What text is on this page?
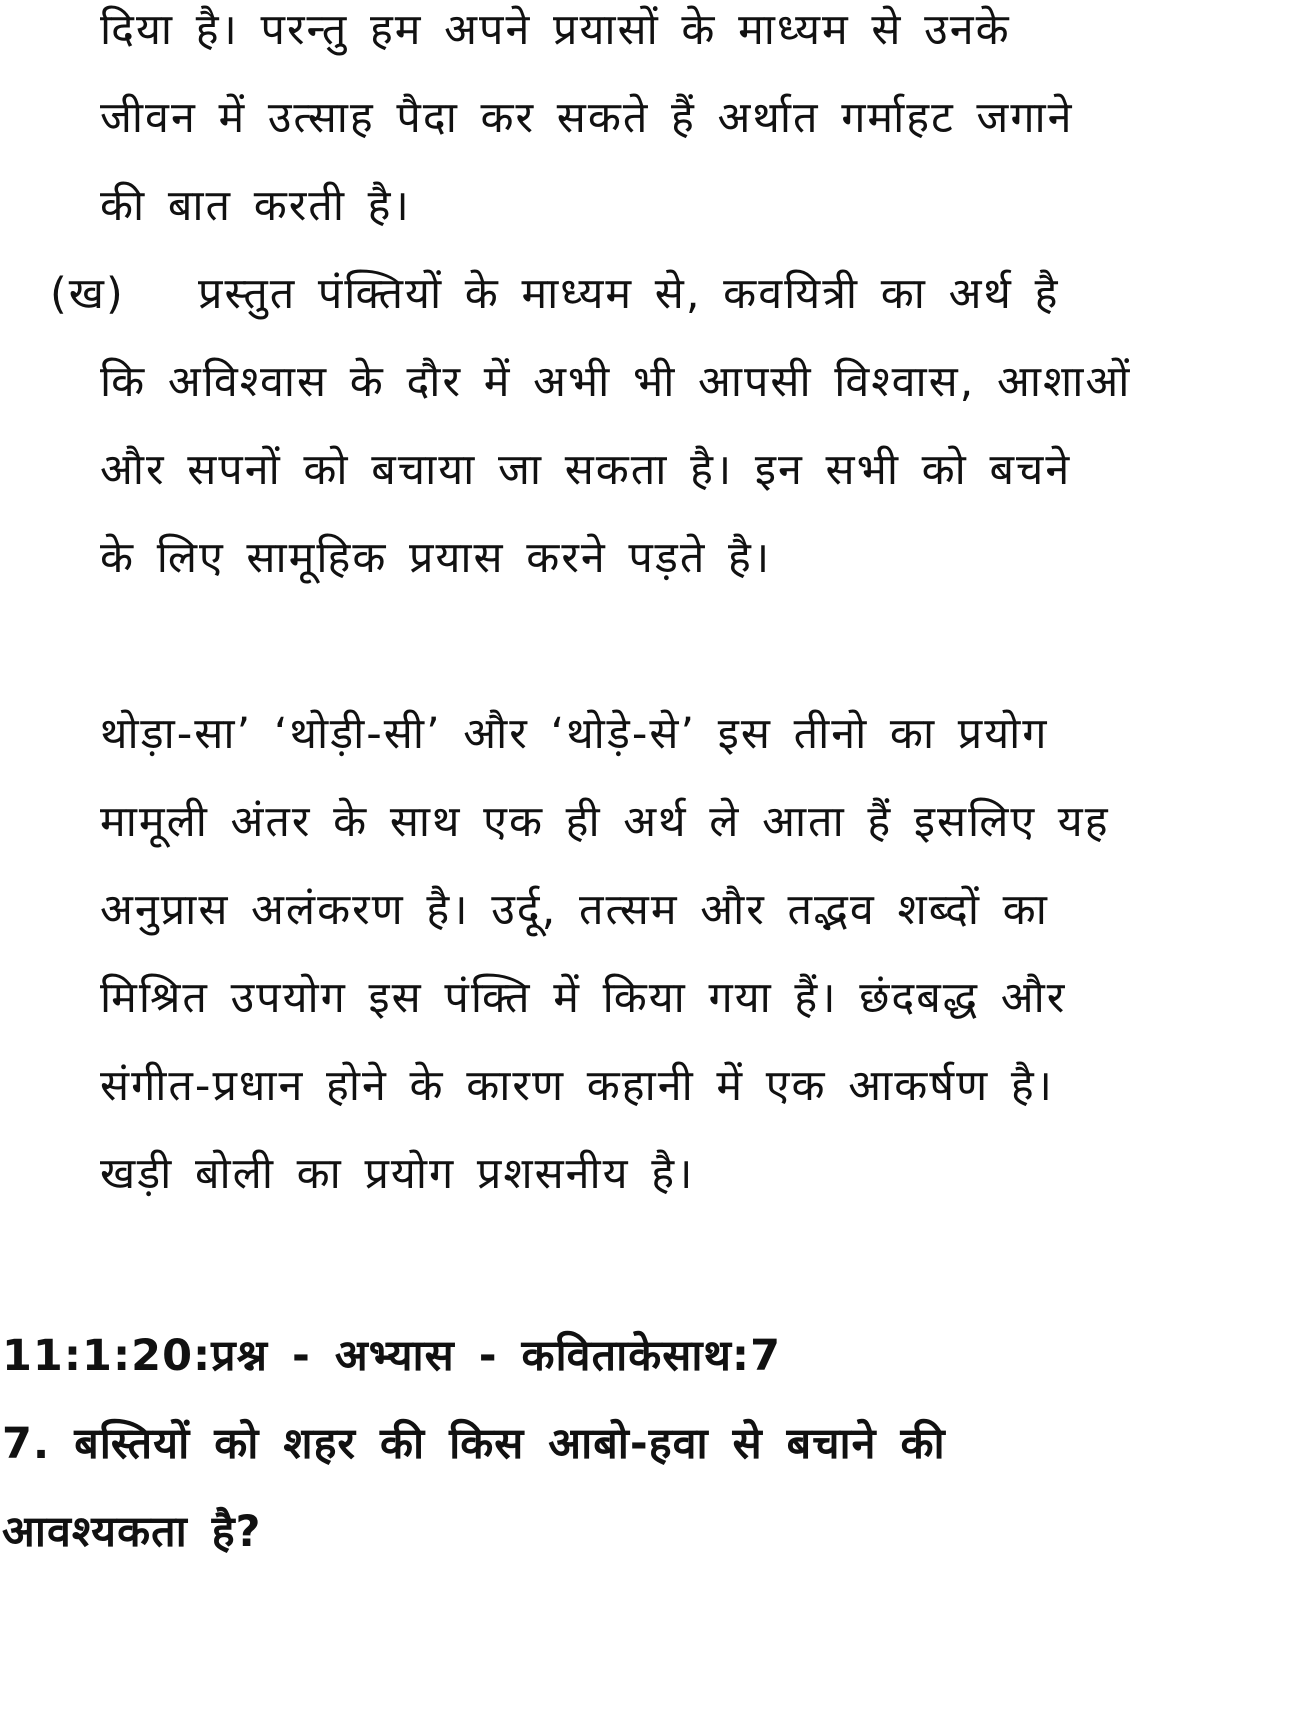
दिया है। परन्तु हम अपने प्रयासों के माध्यम से उनके
जीवन में उत्साह पैदा कर सकते हैं अर्थात गर्माहट जगाने
की बात करती है।
(ख) प्रस्तुत पंक्तियों के माध्यम से, कवयित्री का अर्थ है
कि अविश्वास के दौर में अभी भी आपसी विश्वास, आशाओं
और सपनों को बचाया जा सकता है। इन सभी को बचने
के लिए सामूहिक प्रयास करने पड़ते है।
थोड़ा-सा’ ‘थोड़ी-सी’ और ‘थोड़े-से’ इस तीनो का प्रयोग
मामूली अंतर के साथ एक ही अर्थ ले आता हैं इसलिए यह
अनुप्रास अलंकरण है। उर्दू, तत्सम और तद्भव शब्दों का
मिश्रित उपयोग इस पंक्ति में किया गया हैं। छंदबद्ध और
संगीत-प्रधान होने के कारण कहानी में एक आकर्षण है।
खड़ी बोली का प्रयोग प्रशसनीय है।
11:1:20:प्रश्न - अभ्यास - कविताकेसाथ:7
7. बस्तियों को शहर की किस आबो-हवा से बचाने की
आवश्यकता है?
